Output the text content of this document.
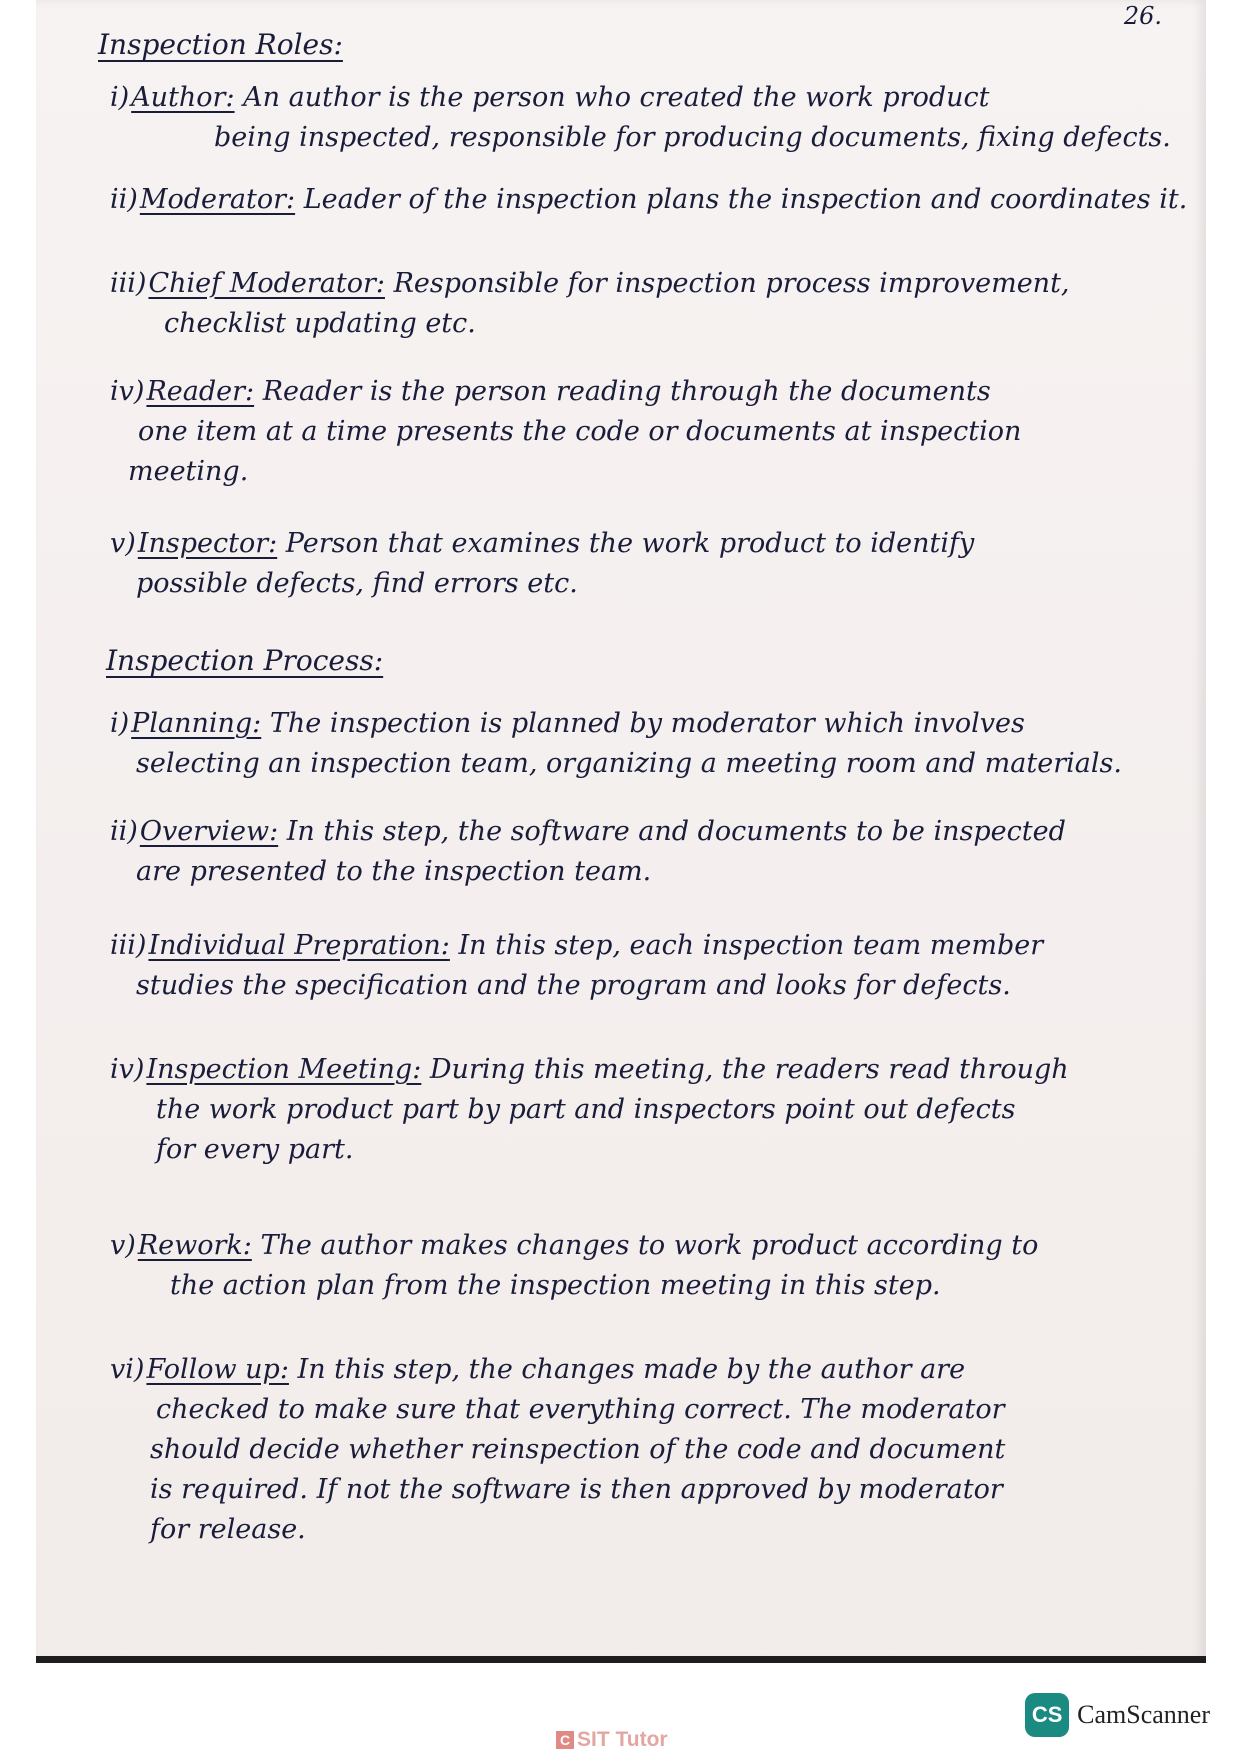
26.
Inspection Roles:
i)Author: An author is the person who created the work product
being inspected, responsible for producing documents, fixing defects.
ii)Moderator: Leader of the inspection plans the inspection and coordinates it.
iii)Chief Moderator: Responsible for inspection process improvement,
checklist updating etc.
iv)Reader: Reader is the person reading through the documents
one item at a time presents the code or documents at inspection
meeting.
v)Inspector: Person that examines the work product to identify
possible defects, find errors etc.
Inspection Process:
i)Planning: The inspection is planned by moderator which involves
selecting an inspection team, organizing a meeting room and materials.
ii)Overview: In this step, the software and documents to be inspected
are presented to the inspection team.
iii)Individual Prepration: In this step, each inspection team member
studies the specification and the program and looks for defects.
iv)Inspection Meeting: During this meeting, the readers read through
the work product part by part and inspectors point out defects
for every part.
v)Rework: The author makes changes to work product according to
the action plan from the inspection meeting in this step.
vi)Follow up: In this step, the changes made by the author are
checked to make sure that everything correct. The moderator
should decide whether reinspection of the code and document
is required. If not the software is then approved by moderator
for release.
CS CamScanner
C SIT Tutor
